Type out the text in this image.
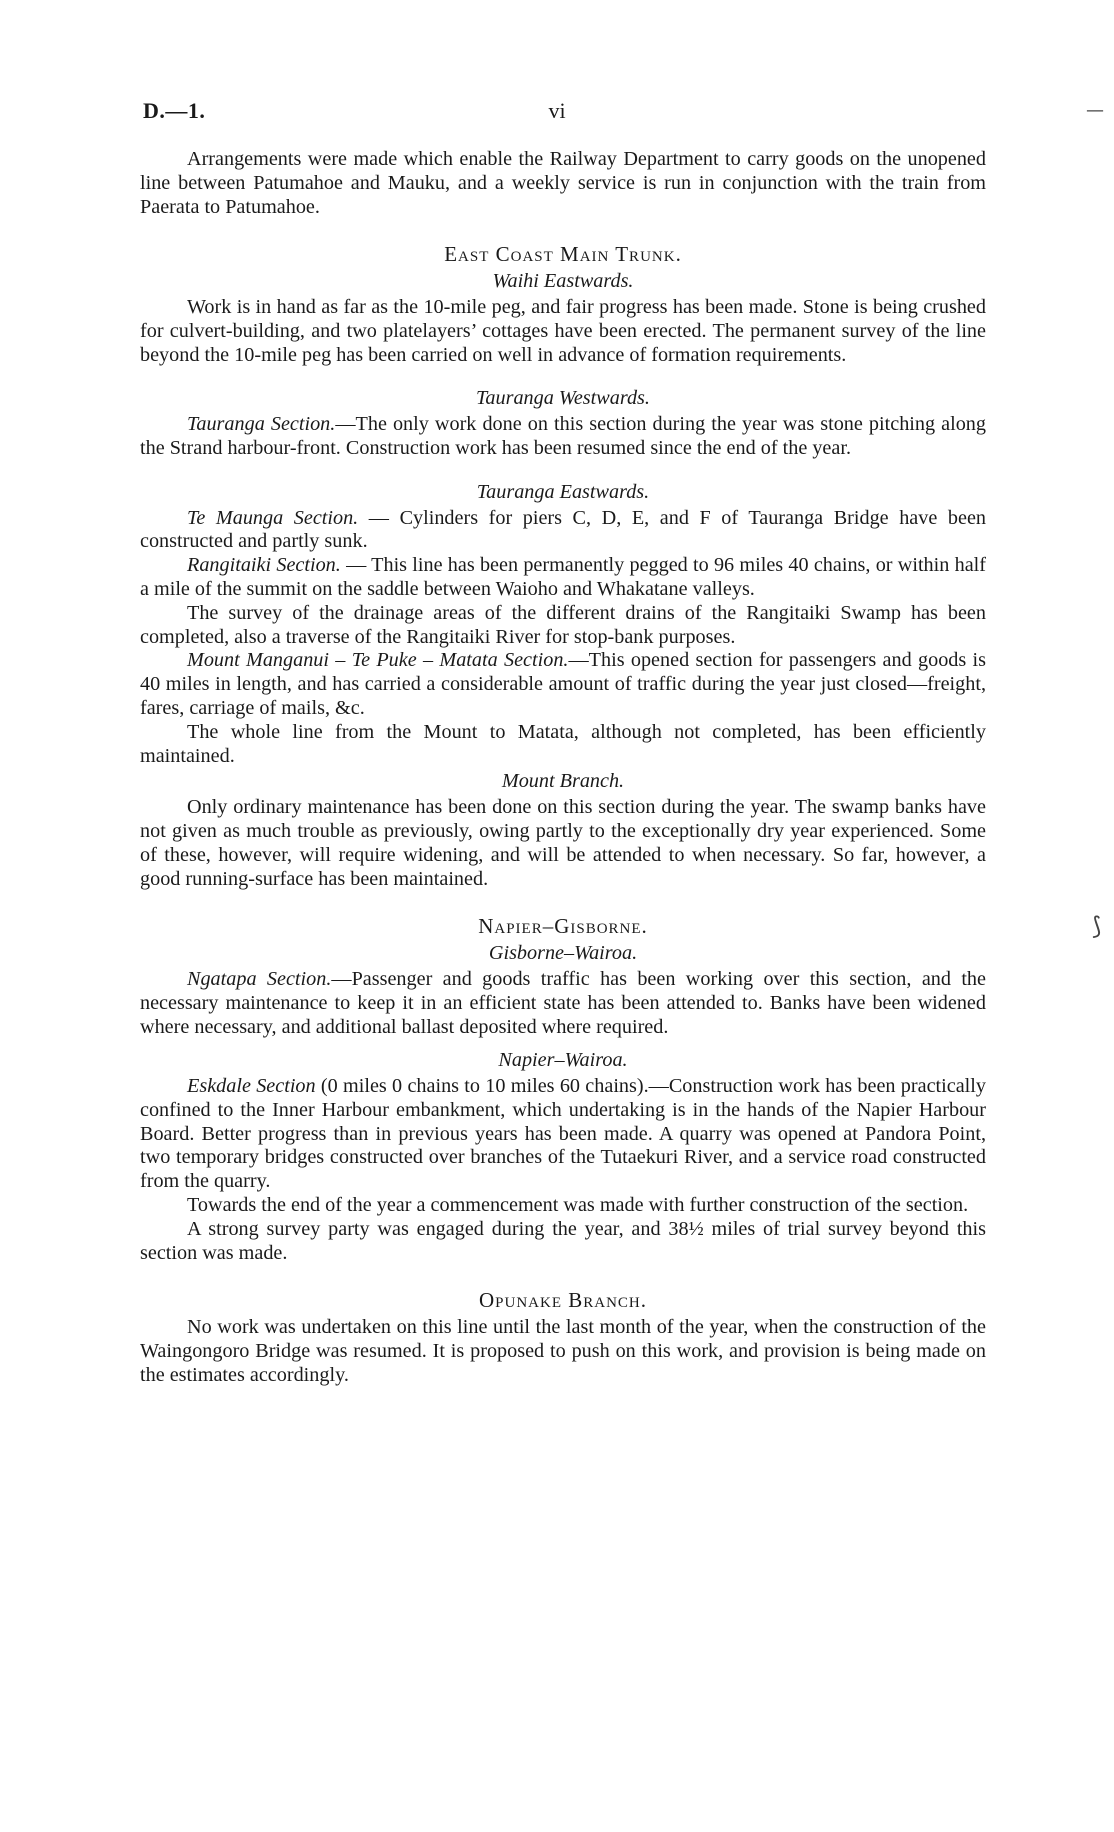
D.—1.	vi	—
⟆

Arrangements were made which enable the Railway Department to carry goods on the unopened line between Patumahoe and Mauku, and a weekly service is run in conjunction with the train from Paerata to Patumahoe.

East Coast Main Trunk.
Waihi Eastwards.

Work is in hand as far as the 10-mile peg, and fair progress has been made. Stone is being crushed for culvert-building, and two platelayers’ cottages have been erected. The permanent survey of the line beyond the 10-mile peg has been carried on well in advance of formation requirements.

Tauranga Westwards.

Tauranga Section.—The only work done on this section during the year was stone pitching along the Strand harbour-front. Construction work has been resumed since the end of the year.

Tauranga Eastwards.

Te Maunga Section. — Cylinders for piers C, D, E, and F of Tauranga Bridge have been constructed and partly sunk.

Rangitaiki Section. — This line has been permanently pegged to 96 miles 40 chains, or within half a mile of the summit on the saddle between Waioho and Whakatane valleys.

The survey of the drainage areas of the different drains of the Rangitaiki Swamp has been completed, also a traverse of the Rangitaiki River for stop-bank purposes.

Mount Manganui – Te Puke – Matata Section.—This opened section for passengers and goods is 40 miles in length, and has carried a considerable amount of traffic during the year just closed—freight, fares, carriage of mails, &c.

The whole line from the Mount to Matata, although not completed, has been efficiently maintained.

Mount Branch.

Only ordinary maintenance has been done on this section during the year. The swamp banks have not given as much trouble as previously, owing partly to the exceptionally dry year experienced. Some of these, however, will require widening, and will be attended to when necessary. So far, however, a good running-surface has been maintained.

Napier–Gisborne.
Gisborne–Wairoa.

Ngatapa Section.—Passenger and goods traffic has been working over this section, and the necessary maintenance to keep it in an efficient state has been attended to. Banks have been widened where necessary, and additional ballast deposited where required.

Napier–Wairoa.

Eskdale Section (0 miles 0 chains to 10 miles 60 chains).—Construction work has been practically confined to the Inner Harbour embankment, which undertaking is in the hands of the Napier Harbour Board. Better progress than in previous years has been made. A quarry was opened at Pandora Point, two temporary bridges constructed over branches of the Tutaekuri River, and a service road constructed from the quarry.

Towards the end of the year a commencement was made with further construction of the section.

A strong survey party was engaged during the year, and 38½ miles of trial survey beyond this section was made.

Opunake Branch.

No work was undertaken on this line until the last month of the year, when the construction of the Waingongoro Bridge was resumed. It is proposed to push on this work, and provision is being made on the estimates accordingly.
